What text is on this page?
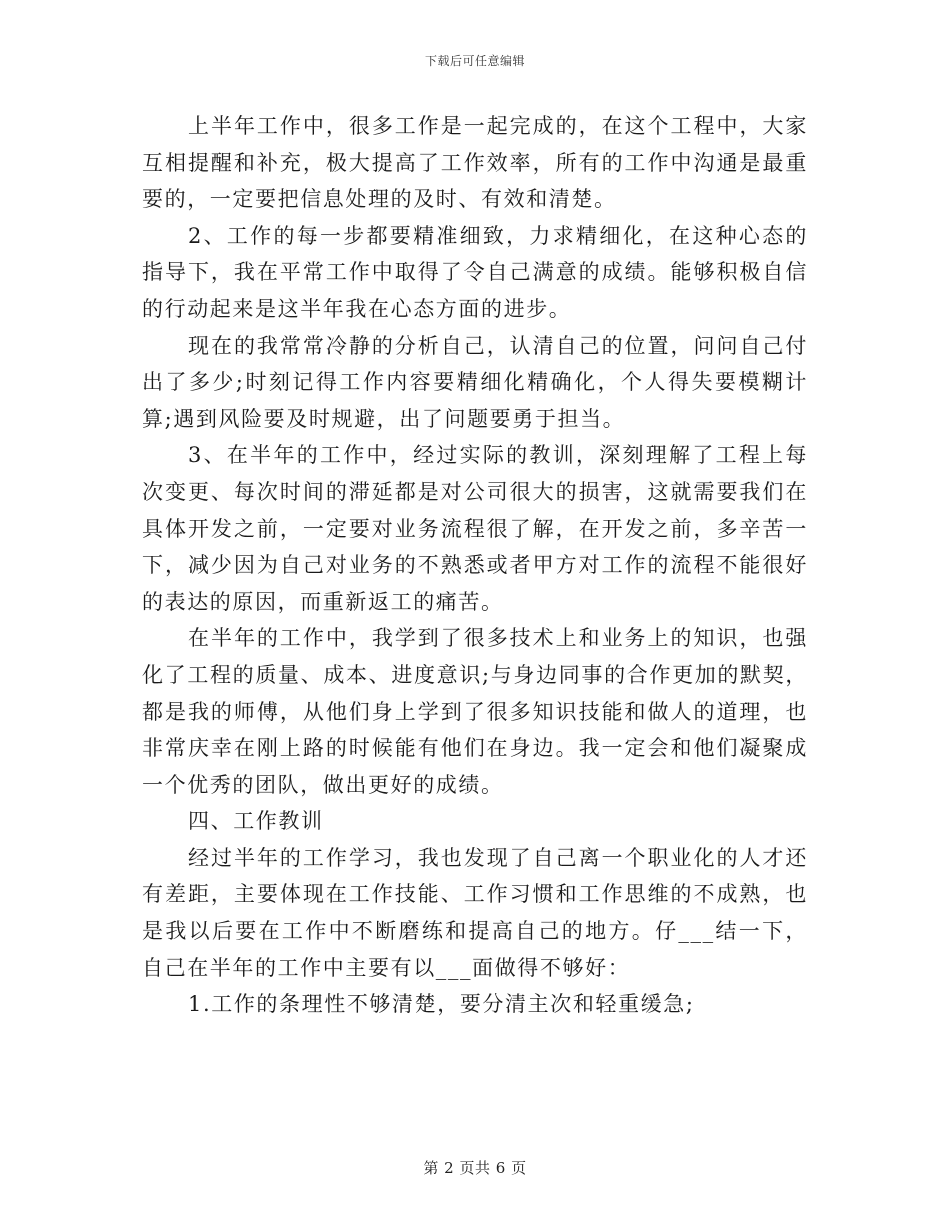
下载后可任意编辑

上半年工作中，很多工作是一起完成的，在这个工程中，大家互相提醒和补充，极大提高了工作效率，所有的工作中沟通是最重要的，一定要把信息处理的及时、有效和清楚。

2、工作的每一步都要精准细致，力求精细化，在这种心态的指导下，我在平常工作中取得了令自己满意的成绩。能够积极自信的行动起来是这半年我在心态方面的进步。

现在的我常常冷静的分析自己，认清自己的位置，问问自己付出了多少;时刻记得工作内容要精细化精确化，个人得失要模糊计算;遇到风险要及时规避，出了问题要勇于担当。

3、在半年的工作中，经过实际的教训，深刻理解了工程上每次变更、每次时间的滞延都是对公司很大的损害，这就需要我们在具体开发之前，一定要对业务流程很了解，在开发之前，多辛苦一下，减少因为自己对业务的不熟悉或者甲方对工作的流程不能很好的表达的原因，而重新返工的痛苦。

在半年的工作中，我学到了很多技术上和业务上的知识，也强化了工程的质量、成本、进度意识;与身边同事的合作更加的默契，都是我的师傅，从他们身上学到了很多知识技能和做人的道理，也非常庆幸在刚上路的时候能有他们在身边。我一定会和他们凝聚成一个优秀的团队，做出更好的成绩。

四、工作教训

经过半年的工作学习，我也发现了自己离一个职业化的人才还有差距，主要体现在工作技能、工作习惯和工作思维的不成熟，也是我以后要在工作中不断磨练和提高自己的地方。仔___结一下，自己在半年的工作中主要有以___面做得不够好：

1.工作的条理性不够清楚，要分清主次和轻重缓急;

第 2 页共 6 页
